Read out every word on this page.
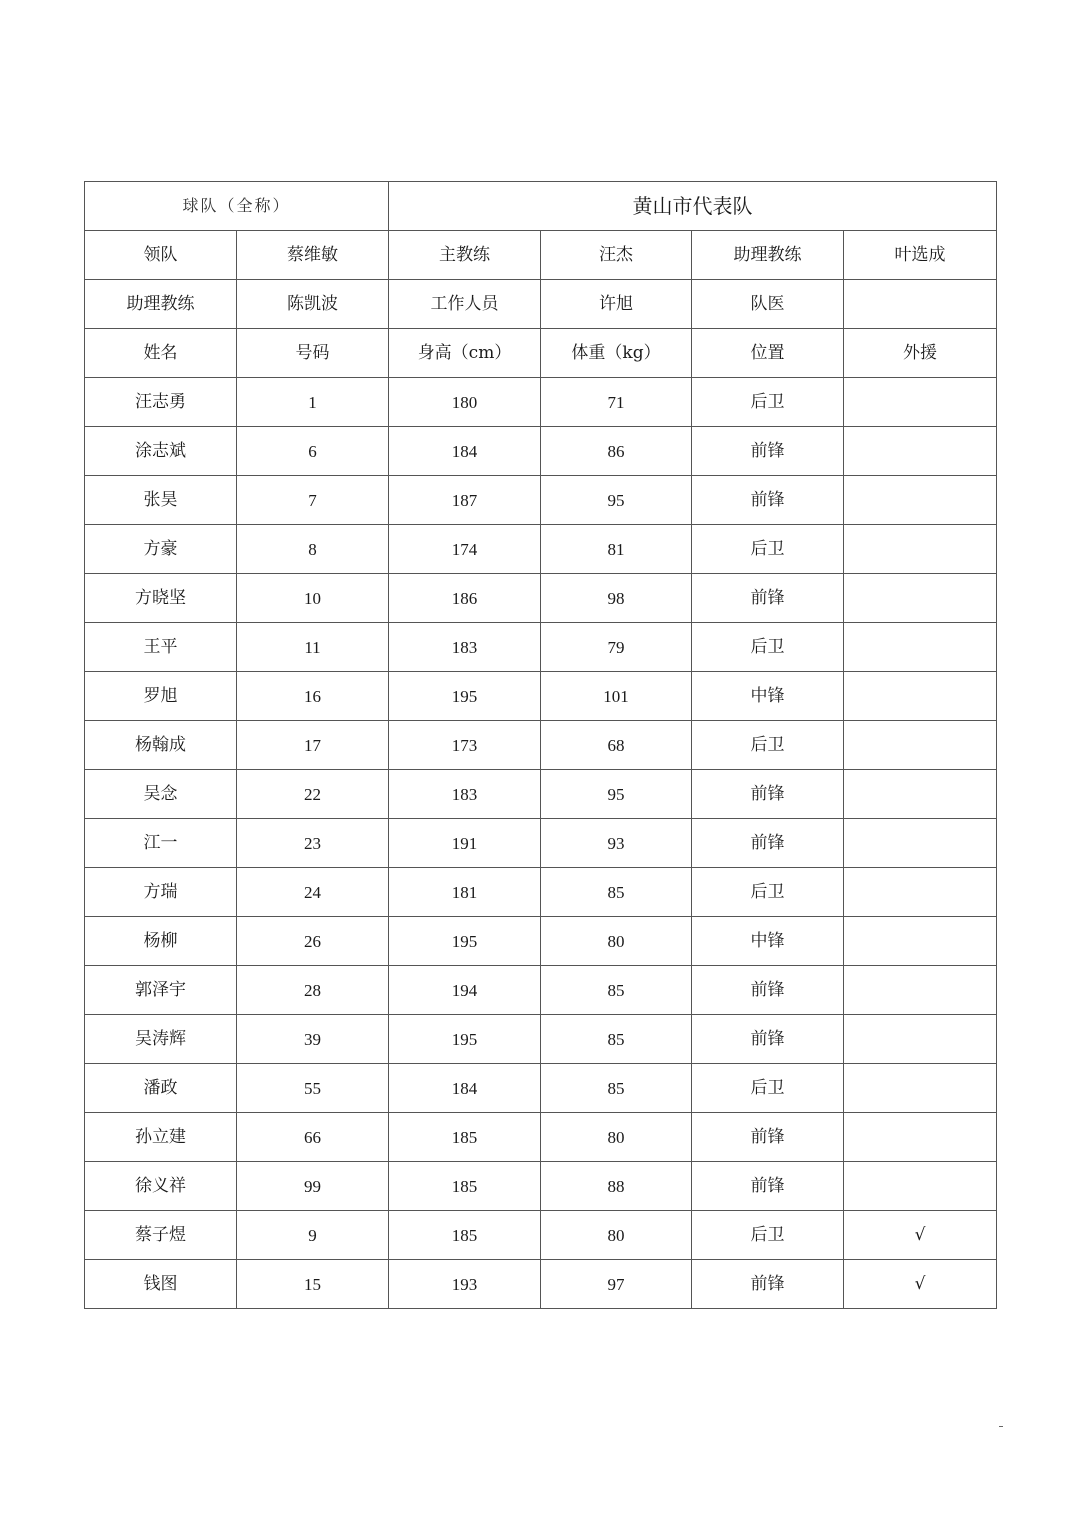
球队（全称）		黄山市代表队			
领队	蔡维敏	主教练	汪杰	助理教练	叶选成
助理教练	陈凯波	工作人员	许旭	队医	
姓名	号码	身高（cm）	体重（kg）	位置	外援
汪志勇	1	180	71	后卫	
涂志斌	6	184	86	前锋	
张昊	7	187	95	前锋	
方豪	8	174	81	后卫	
方晓坚	10	186	98	前锋	
王平	11	183	79	后卫	
罗旭	16	195	101	中锋	
杨翰成	17	173	68	后卫	
吴念	22	183	95	前锋	
江一	23	191	93	前锋	
方瑞	24	181	85	后卫	
杨柳	26	195	80	中锋	
郭泽宇	28	194	85	前锋	
吴涛辉	39	195	85	前锋	
潘政	55	184	85	后卫	
孙立建	66	185	80	前锋	
徐义祥	99	185	88	前锋	
蔡子煜	9	185	80	后卫	√
钱图	15	193	97	前锋	√
